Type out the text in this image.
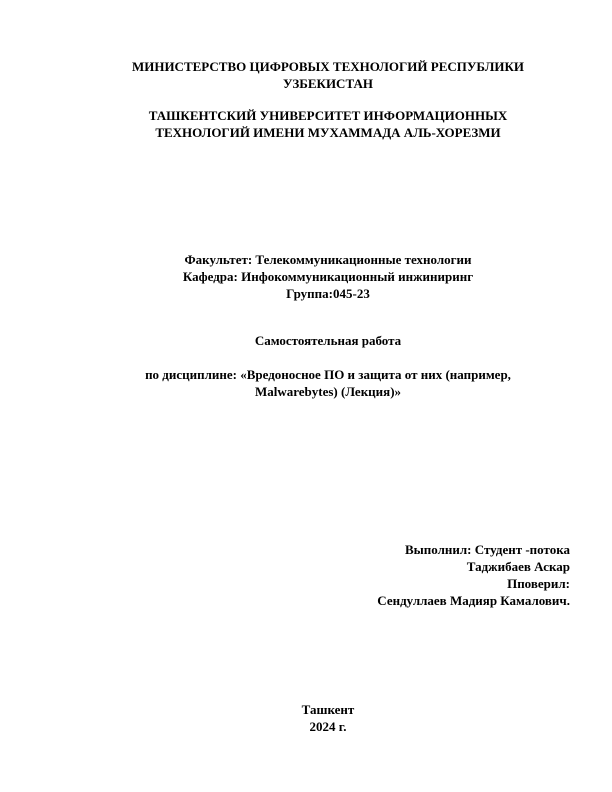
МИНИСТЕРСТВО ЦИФРОВЫХ ТЕХНОЛОГИЙ РЕСПУБЛИКИ
УЗБЕКИСТАН
ТАШКЕНТСКИЙ УНИВЕРСИТЕТ ИНФОРМАЦИОННЫХ
ТЕХНОЛОГИЙ ИМЕНИ МУХАММАДА АЛЬ-ХОРЕЗМИ
Факультет: Телекоммуникационные технологии
Кафедра: Инфокоммуникационный инжиниринг
Группа:045-23
Самостоятельная работа
по дисциплине: «Вредоносное ПО и защита от них (например,
Malwarebytes) (Лекция)»
Выполнил: Студент -потока
Таджибаев Аскар
Пповерил:
Сендуллаев Мадияр Камалович.
Ташкент
2024 г.
